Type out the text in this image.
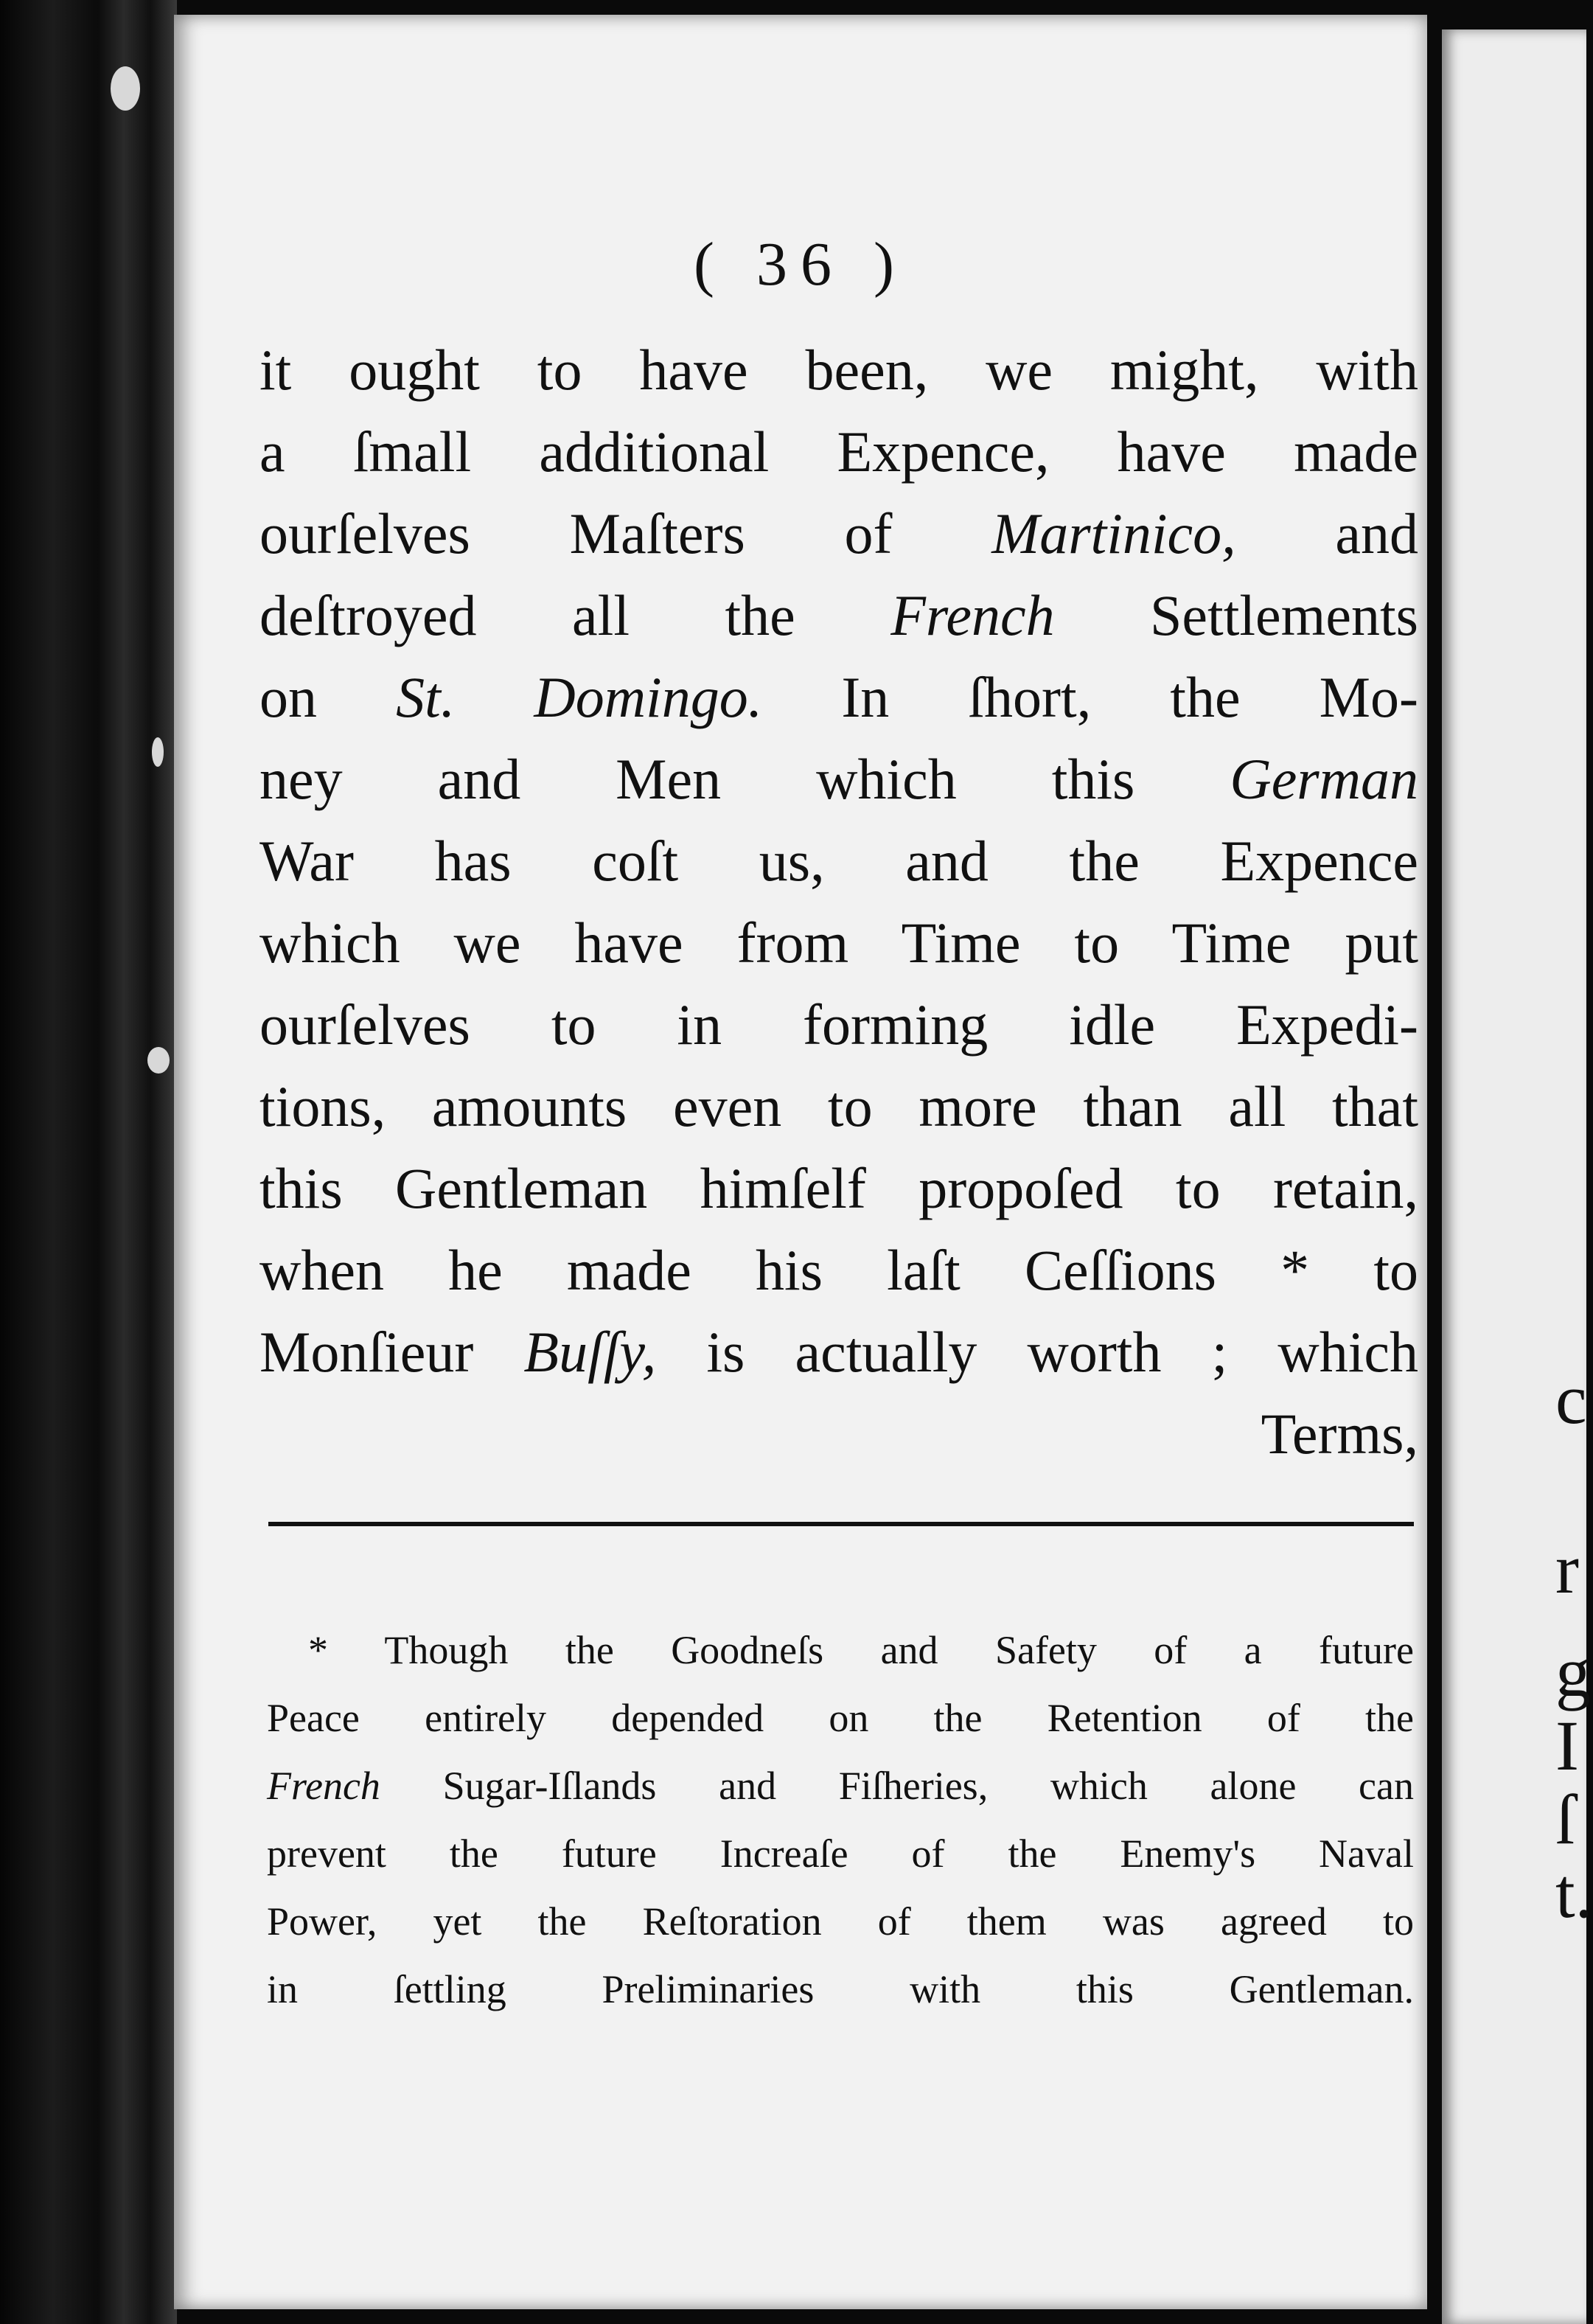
( 36 )
it ought to have been, we might, with
a ſmall additional Expence, have made
ourſelves Maſters of Martinico, and
deſtroyed all the French Settlements
on St. Domingo. In ſhort, the Mo-
ney and Men which this German
War has coſt us, and the Expence
which we have from Time to Time put
ourſelves to in forming idle Expedi-
tions, amounts even to more than all that
this Gentleman himſelf propoſed to retain,
when he made his laſt Ceſſions * to
Monſieur Buſſy, is actually worth ; which
Terms,
* Though the Goodneſs and Safety of a future
Peace entirely depended on the Retention of the
French Sugar-Iſlands and Fiſheries, which alone can
prevent the future Increaſe of the Enemy's Naval
Power, yet the Reſtoration of them was agreed to
in ſettling Preliminaries with this Gentleman.
c
r
g
I
ſ
t.
